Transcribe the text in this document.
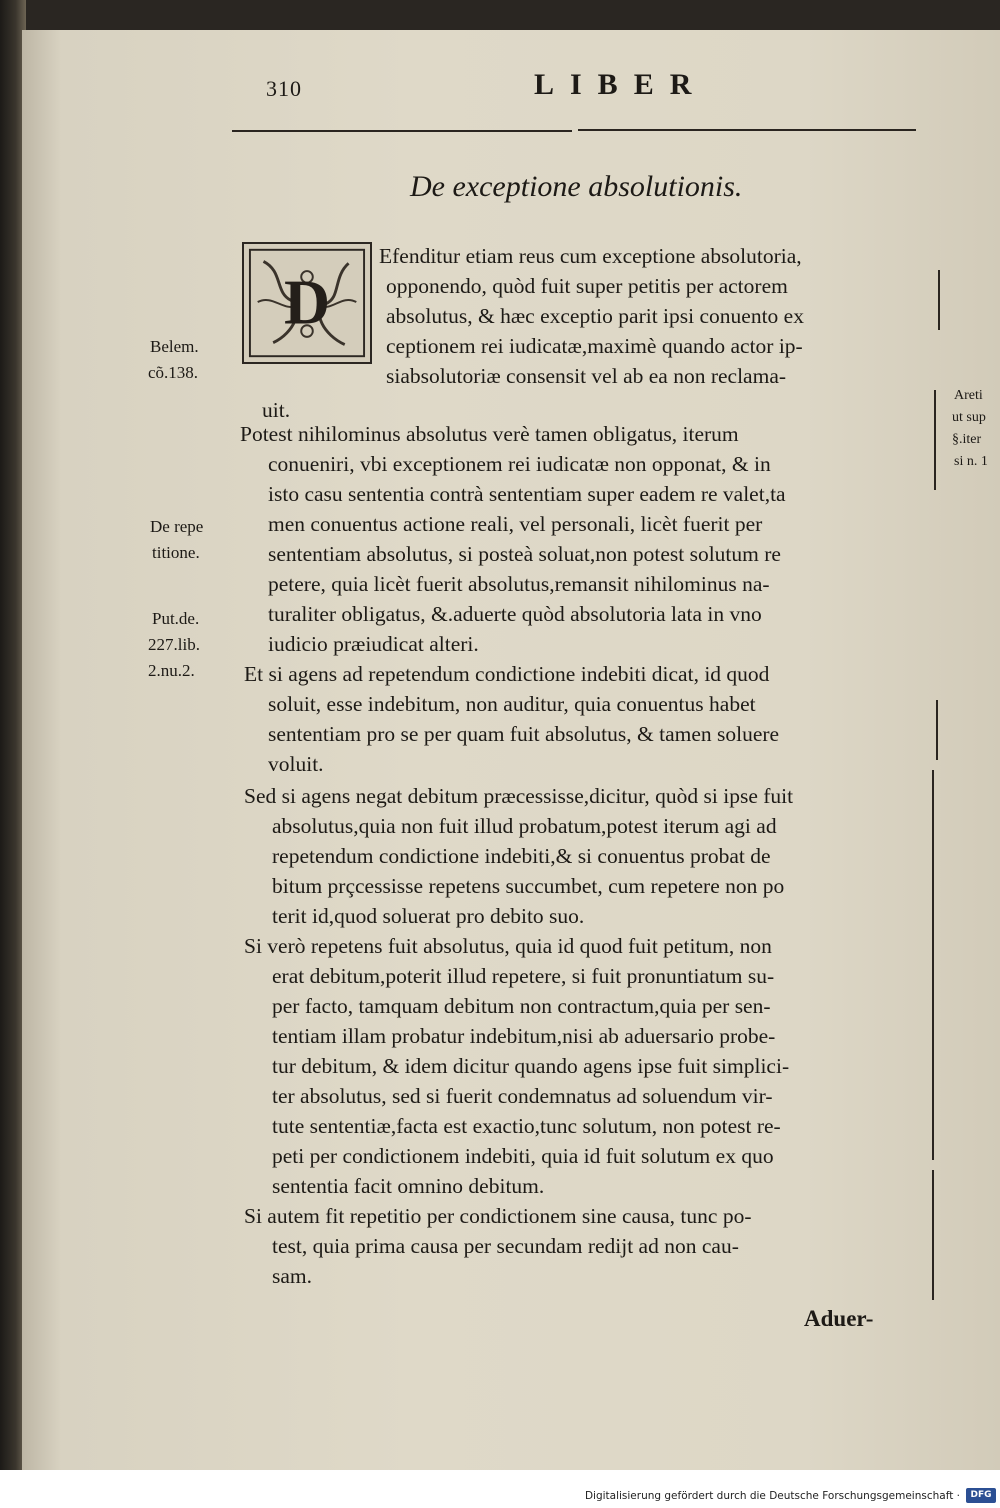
310	LIBER
De exceptione absolutionis.
D
Belem.
cõ.138.
De repe
titione.
Put.de.
227.lib.
2.nu.2.
Areti
ut sup
§.iter
si n. 1
Efenditur etiam reus cum exceptione absolutoria,
opponendo, quòd fuit super petitis per actorem
absolutus, & hæc exceptio parit ipsi conuento ex
ceptionem rei iudicatæ,maximè quando actor ip-
siabsolutoriæ consensit vel ab ea non reclama-
uit.
Potest nihilominus absolutus verè tamen obligatus, iterum
conueniri, vbi exceptionem rei iudicatæ non opponat, & in
isto casu sententia contrà sententiam super eadem re valet,ta
men conuentus actione reali, vel personali, licèt fuerit per
sententiam absolutus, si posteà soluat,non potest solutum re
petere, quia licèt fuerit absolutus,remansit nihilominus na-
turaliter obligatus, &.aduerte quòd absolutoria lata in vno
iudicio præiudicat alteri.
Et si agens ad repetendum condictione indebiti dicat, id quod
soluit, esse indebitum, non auditur, quia conuentus habet
sententiam pro se per quam fuit absolutus, & tamen soluere
voluit.
Sed si agens negat debitum præcessisse,dicitur, quòd si ipse fuit
absolutus,quia non fuit illud probatum,potest iterum agi ad
repetendum condictione indebiti,& si conuentus probat de
bitum prçcessisse repetens succumbet, cum repetere non po
terit id,quod soluerat pro debito suo.
Si verò repetens fuit absolutus, quia id quod fuit petitum, non
erat debitum,poterit illud repetere, si fuit pronuntiatum su-
per facto, tamquam debitum non contractum,quia per sen-
tentiam illam probatur indebitum,nisi ab aduersario probe-
tur debitum, & idem dicitur quando agens ipse fuit simplici-
ter absolutus, sed si fuerit condemnatus ad soluendum vir-
tute sententiæ,facta est exactio,tunc solutum, non potest re-
peti per condictionem indebiti, quia id fuit solutum ex quo
sententia facit omnino debitum.
Si autem fit repetitio per condictionem sine causa, tunc po-
test, quia prima causa per secundam redijt ad non cau-
sam.
Aduer-
Digitalisierung gefördert durch die Deutsche Forschungsgemeinschaft ·	DFG
